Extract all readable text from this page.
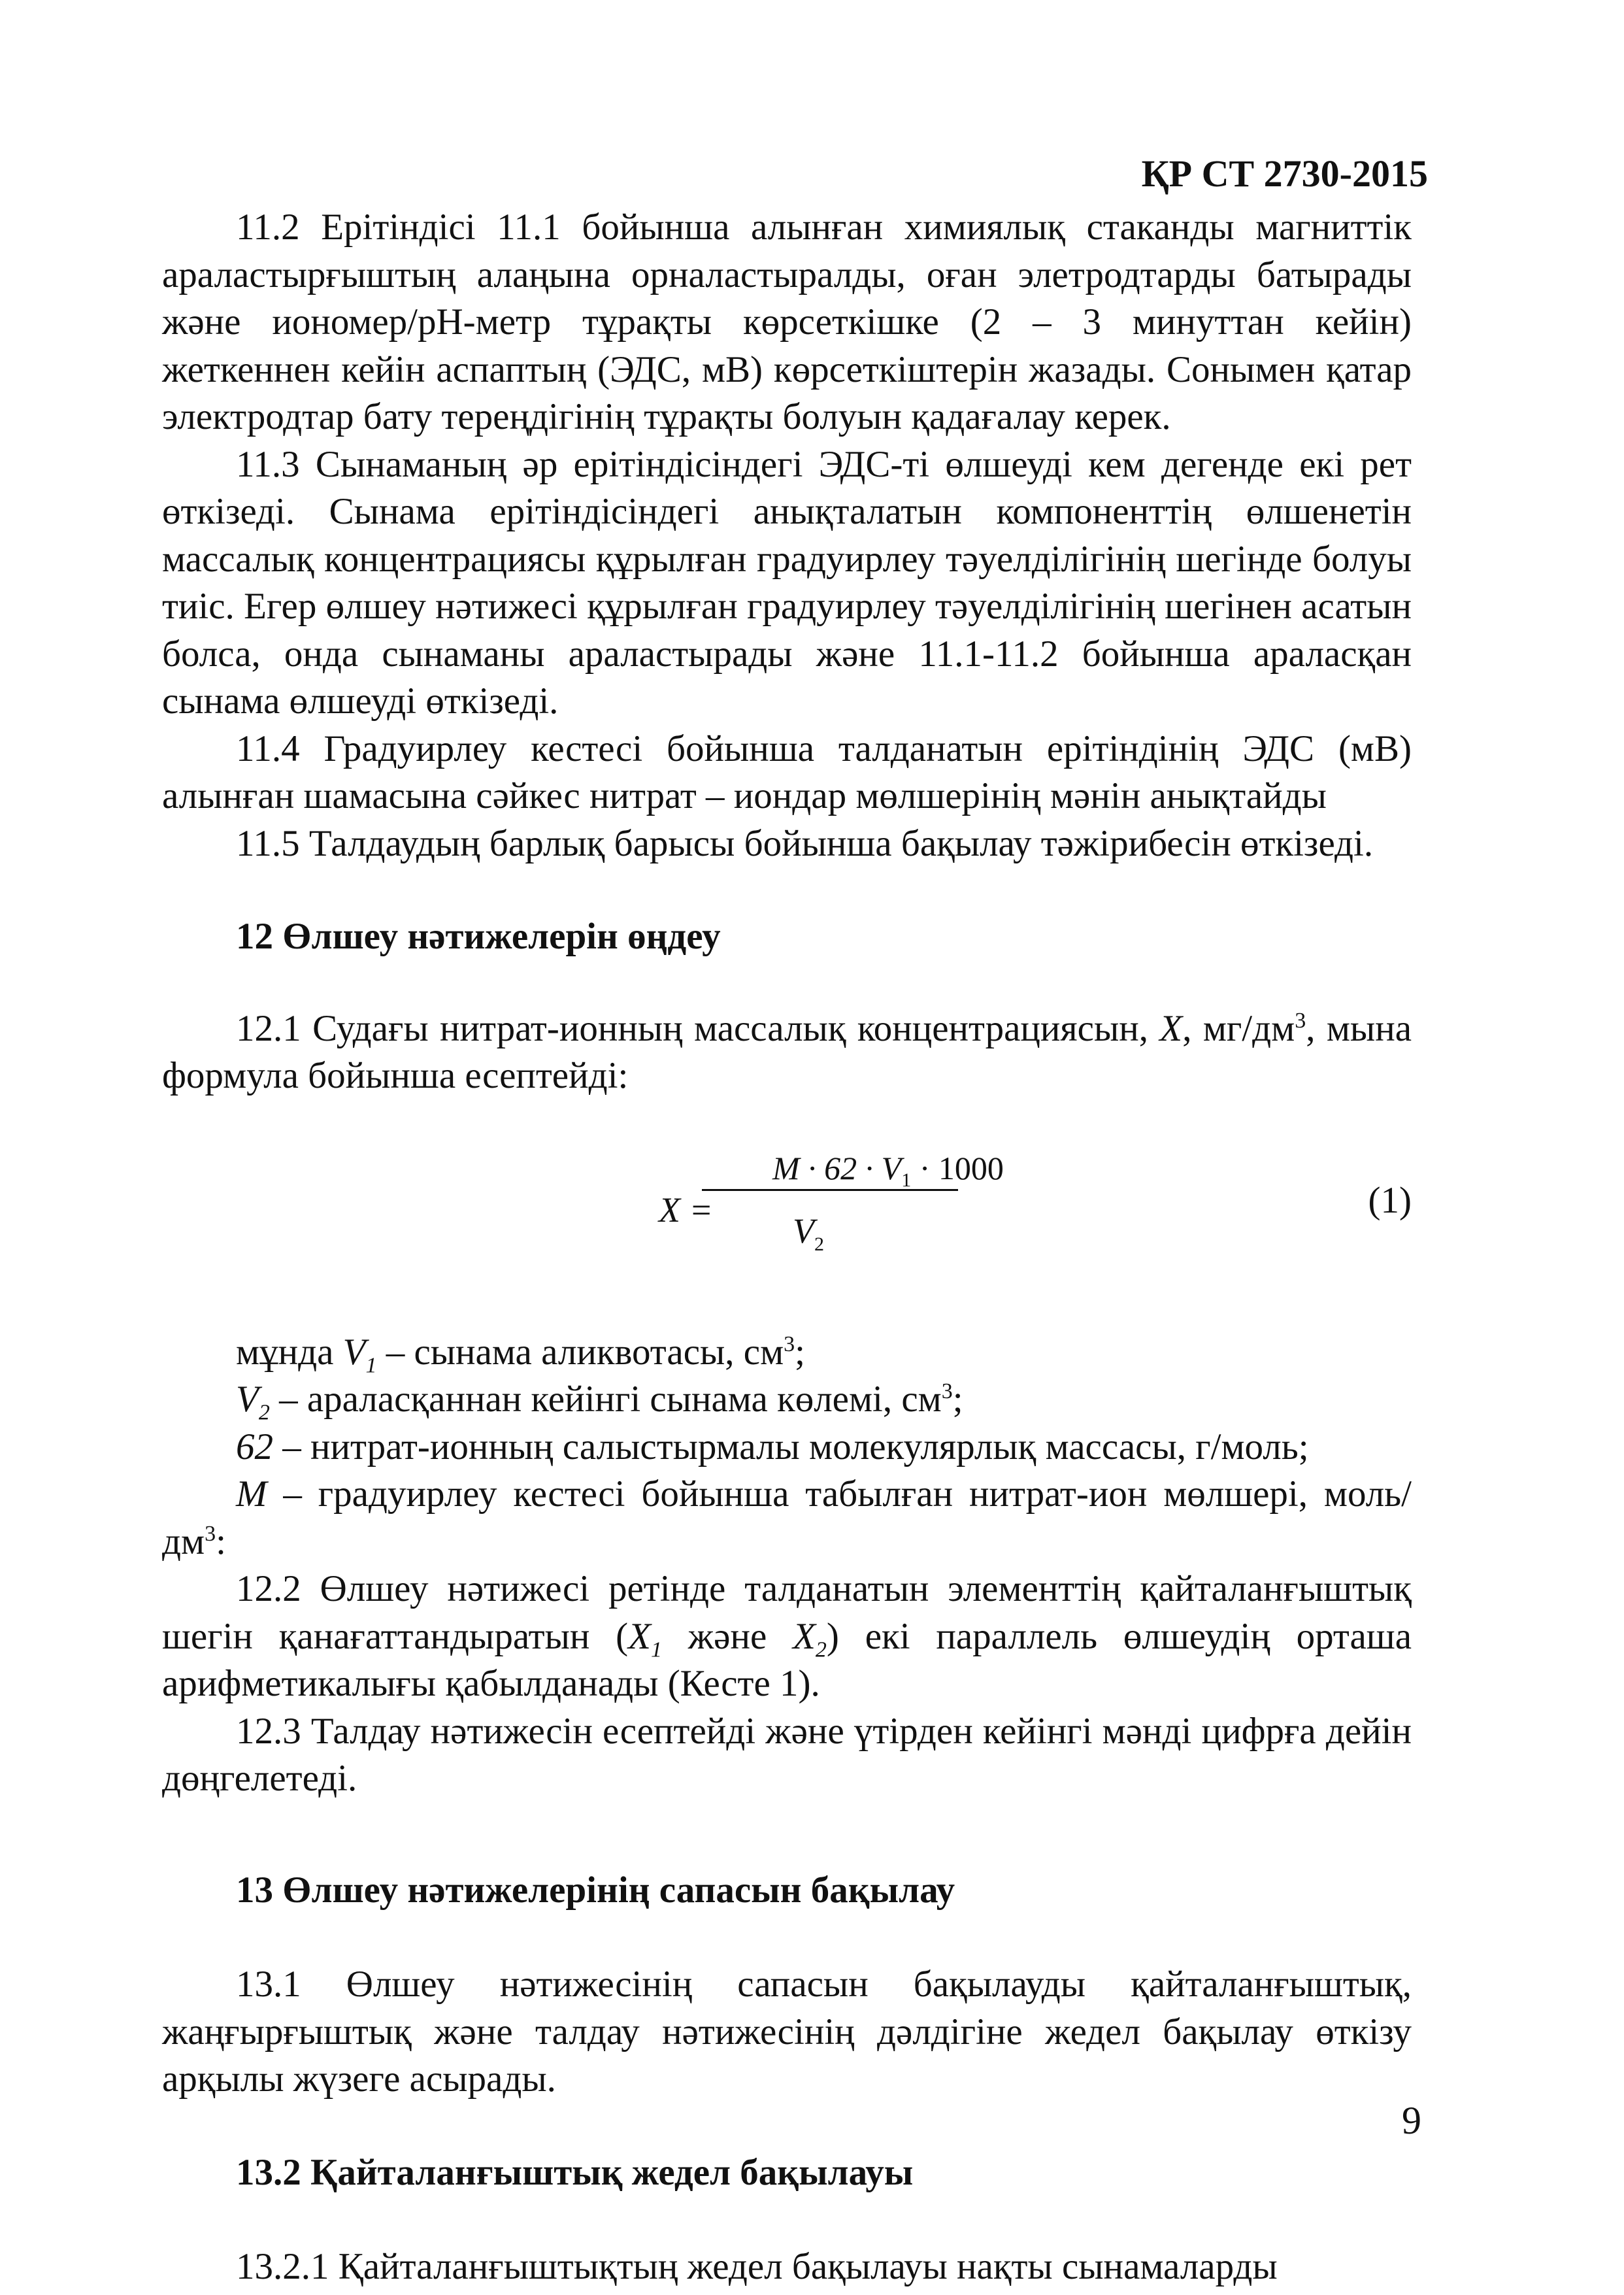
ҚР СТ 2730-2015

11.2 Ерітіндісі 11.1 бойынша алынған химиялық стаканды магниттік араластырғыштың алаңына орналастыралды, оған элетродтарды батырады және иономер/рН-метр тұрақты көрсеткішке (2 – 3 минуттан кейін) жеткеннен кейін аспаптың (ЭДС, мВ) көрсеткіштерін жазады. Сонымен қатар электродтар бату тереңдігінің тұрақты болуын қадағалау керек.

11.3 Сынаманың әр ерітіндісіндегі ЭДС-ті өлшеуді кем дегенде екі рет өткізеді. Сынама ерітіндісіндегі анықталатын компоненттің өлшенетін массалық концентрациясы құрылған градуирлеу тәуелділігінің шегінде болуы тиіс. Егер өлшеу нәтижесі құрылған градуирлеу тәуелділігінің шегінен асатын болса, онда сынаманы араластырады және 11.1-11.2 бойынша араласқан сынама өлшеуді өткізеді.

11.4 Градуирлеу кестесі бойынша талданатын ерітіндінің ЭДС (мВ) алынған шамасына сәйкес нитрат – иондар мөлшерінің мәнін анықтайды

11.5 Талдаудың барлық барысы бойынша бақылау тәжірибесін өткізеді.

12 Өлшеу нәтижелерін өңдеу

12.1 Судағы нитрат-ионның массалық концентрациясын, X, $мг/дм^3$, мына формула бойынша есептейді:

X =
$M \cdot 62 \cdot V_1 \cdot 1000$
$V_2$
(1)

мұнда $V_1$ – сынама аликвотасы, $см^3$;

$V_2$ – араласқаннан кейінгі сынама көлемі, $см^3$;

62 – нитрат-ионның салыстырмалы молекулярлық массасы, г/моль;

M – градуирлеу кестесі бойынша табылған нитрат-ион мөлшері, моль/$дм^3$:

12.2 Өлшеу нәтижесі ретінде талданатын элементтің қайталанғыштық шегін қанағаттандыратын ($X_1$ және $X_2$) екі параллель өлшеудің орташа арифметикалығы қабылданады (Кесте 1).

12.3 Талдау нәтижесін есептейді және үтірден кейінгі мәнді цифрға дейін дөңгелетеді.

13 Өлшеу нәтижелерінің сапасын бақылау

13.1 Өлшеу нәтижесінің сапасын бақылауды қайталанғыштық, жаңғырғыштық және талдау нәтижесінің дәлдігіне жедел бақылау өткізу арқылы жүзеге асырады.

13.2 Қайталанғыштық жедел бақылауы

13.2.1 Қайталанғыштықтың жедел бақылауы нақты сынамаларды

9
